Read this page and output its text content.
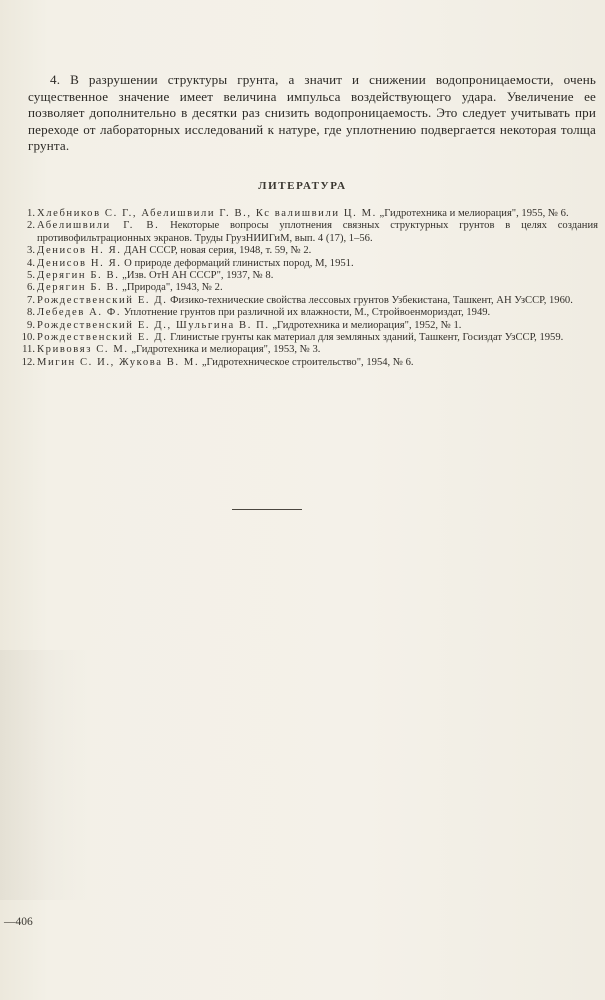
4. В разрушении структуры грунта, а значит и снижении водопроницаемости, очень существенное значение имеет величина импульса воздействующего удара. Увеличение ее позволяет дополнительно в десятки раз снизить водопроницаемость. Это следует учитывать при переходе от лабораторных исследований к натуре, где уплотнению подвергается некоторая толща грунта.

ЛИТЕРАТУРА
1. Хлебников С. Г., Абелишвили Г. В., Кс валишвили Ц. М. „Гидротехника и мелиорация", 1955, № 6.
2. Абелишвили Г. В. Некоторые вопросы уплотнения связных структурных грунтов в целях создания противофильтрационных экранов. Труды ГрузНИИГиМ, вып. 4 (17), 1–56.
3. Денисов Н. Я. ДАН СССР, новая серия, 1948, т. 59, № 2.
4. Денисов Н. Я. О природе деформаций глинистых пород, М, 1951.
5. Дерягин Б. В. „Изв. ОтН АН СССР", 1937, № 8.
6. Дерягин Б. В. „Природа", 1943, № 2.
7. Рождественский Е. Д. Физико-технические свойства лессовых грунтов Узбекистана, Ташкент, АН УзССР, 1960.
8. Лебедев А. Ф. Уплотнение грунтов при различной их влажности, М., Стройвоенмориздат, 1949.
9. Рождественский Е. Д., Шульгина В. П. „Гидротехника и мелиорация", 1952, № 1.
10. Рождественский Е. Д. Глинистые грунты как материал для земляных зданий, Ташкент, Госиздат УзССР, 1959.
11. Кривовяз С. М. „Гидротехника и мелиорация", 1953, № 3.
12. Мигин С. И., Жукова В. М. „Гидротехническое строительство", 1954, № 6.

—406
